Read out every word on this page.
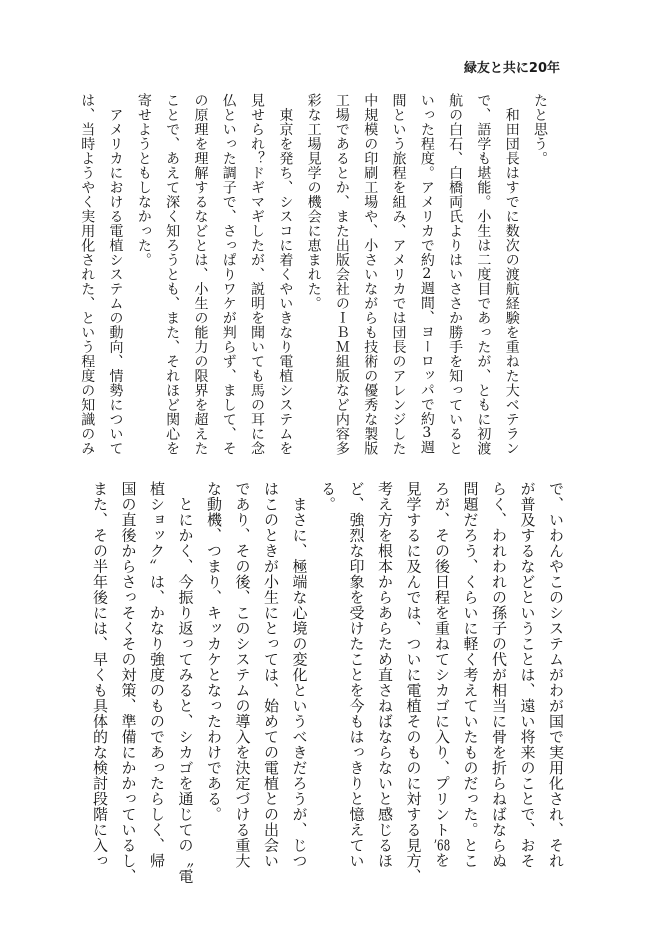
緑友と共に20年
たと思う。
　和田団長はすでに数次の渡航経験を重ねた大ベテラン
で、語学も堪能。小生は二度目であったが、ともに初渡
航の白石、白橋両氏よりはいささか勝手を知っていると
いった程度。アメリカで約2週間、ヨーロッパで約3週
間という旅程を組み、アメリカでは団長のアレンジした
中規模の印刷工場や、小さいながらも技術の優秀な製版
工場であるとか、また出版会社のＩＢＭ組版など内容多
彩な工場見学の機会に恵まれた。
　東京を発ち、シスコに着くやいきなり電植システムを
見せられ？ドギマギしたが、説明を聞いても馬の耳に念
仏といった調子で、さっぱりワケが判らず、まして、そ
の原理を理解するなどとは、小生の能力の限界を超えた
ことで、あえて深く知ろうとも、また、それほど関心を
寄せようともしなかった。
　アメリカにおける電植システムの動向、情勢について
は、当時ようやく実用化された、という程度の知識のみ
で、いわんやこのシステムがわが国で実用化され、それ
が普及するなどということは、遠い将来のことで、おそ
らく、われわれの孫子の代が相当に骨を折らねばならぬ
問題だろう、くらいに軽く考えていたものだった。とこ
ろが、その後日程を重ねてシカゴに入り、プリント’68を
見学するに及んでは、ついに電植そのものに対する見方、
考え方を根本からあらため直さねばならないと感じるほ
ど、強烈な印象を受けたことを今もはっきりと憶えてい
る。
　まさに、極端な心境の変化というべきだろうが、じつ
はこのときが小生にとっては、始めての電植との出会い
であり、その後、このシステムの導入を決定づける重大
な動機、つまり、キッカケとなったわけである。
　とにかく、今振り返ってみると、シカゴを通じての〝電
植ショック〟は、かなり強度のものであったらしく、帰
国の直後からさっそくその対策、準備にかかっているし、
また、その半年後には、早くも具体的な検討段階に入っ
